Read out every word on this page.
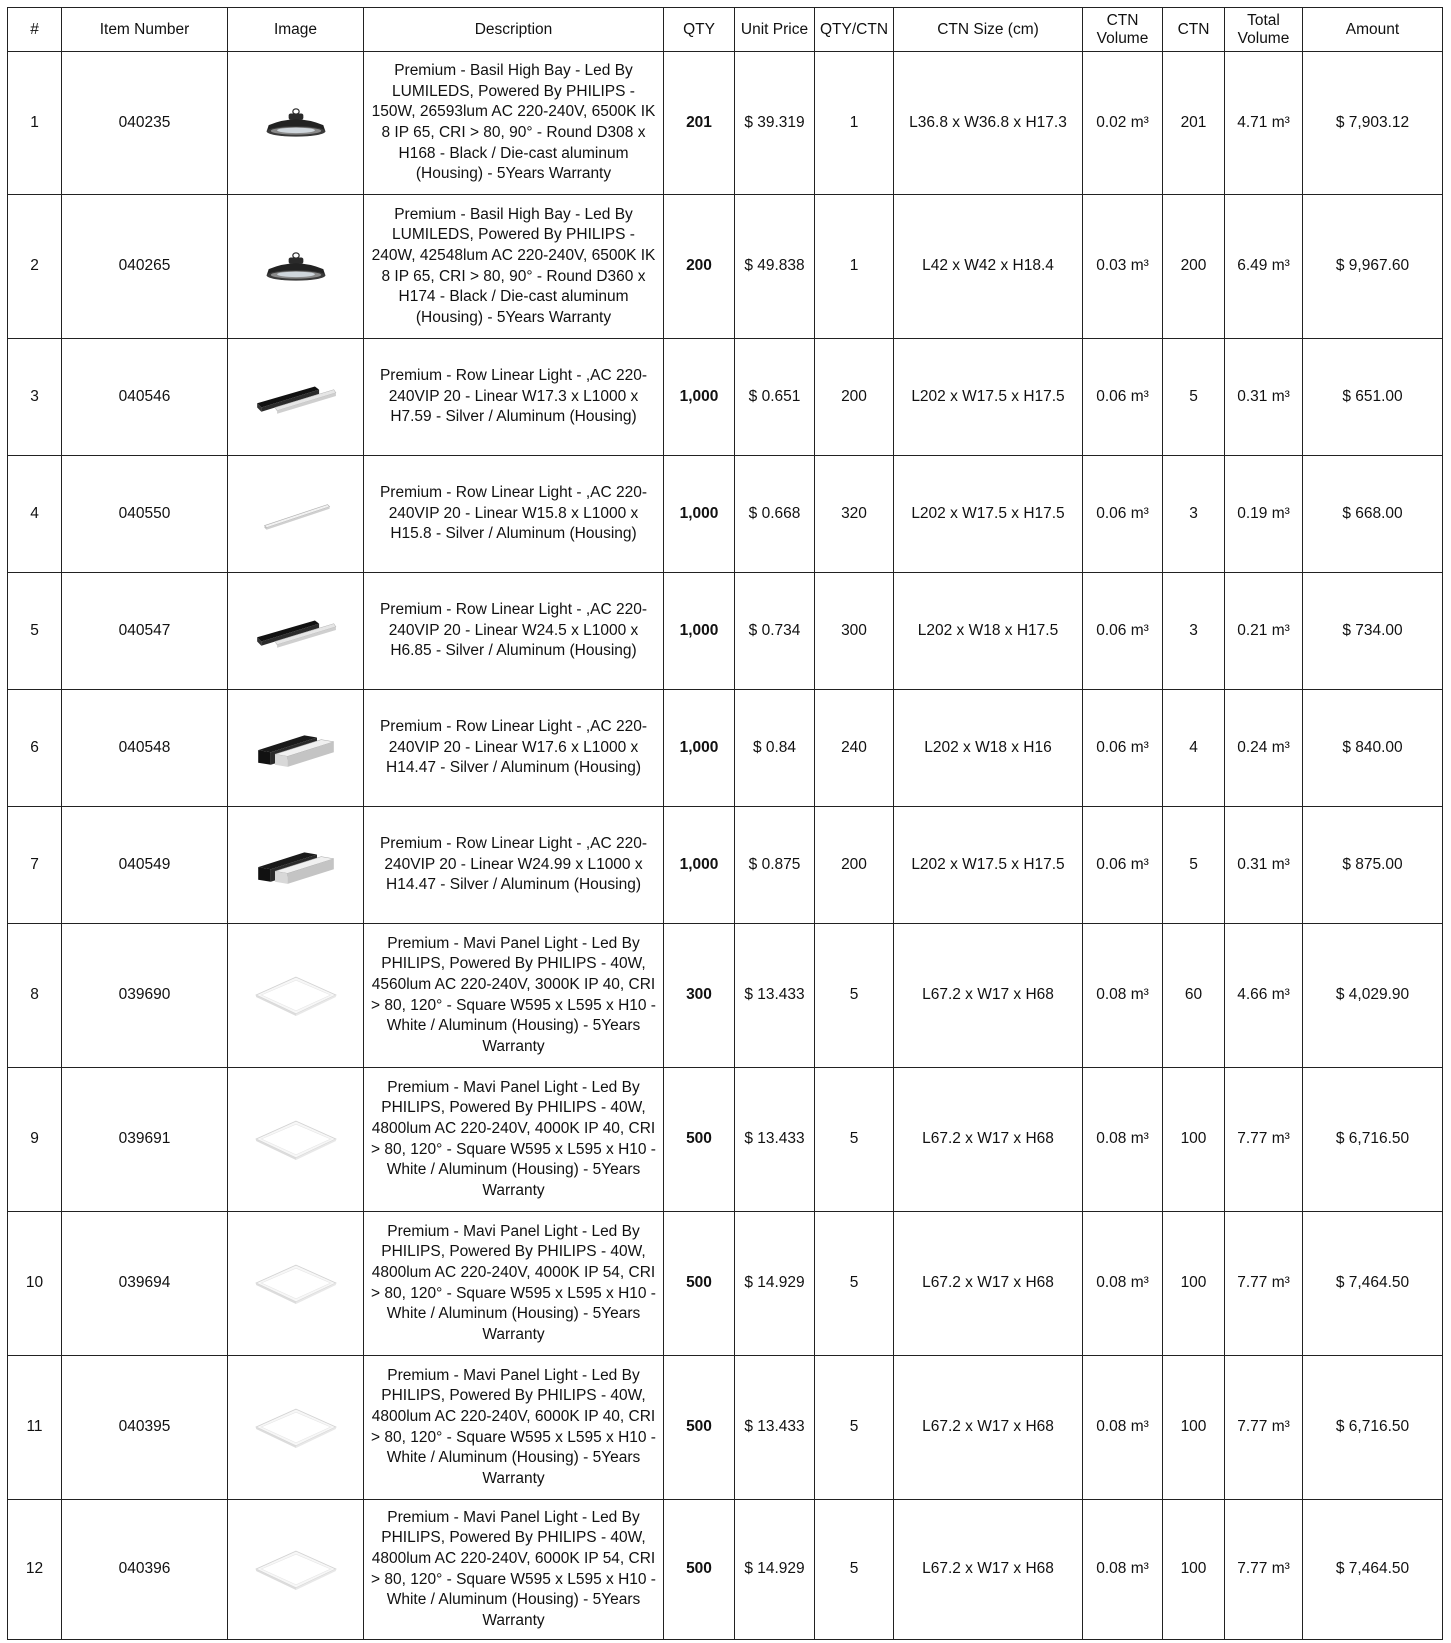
#	Item Number	Image	Description	QTY	Unit Price	QTY/CTN	CTN Size (cm)	CTN Volume	CTN	Total Volume	Amount
1	040235		Premium - Basil High Bay - Led By LUMILEDS, Powered By PHILIPS - 150W, 26593lum AC 220-240V, 6500K IK 8 IP 65, CRI > 80, 90° - Round D308 x H168 - Black / Die-cast aluminum (Housing) - 5Years Warranty	201	$ 39.319	1	L36.8 x W36.8 x H17.3	0.02 m³	201	4.71 m³	$ 7,903.12
2	040265		Premium - Basil High Bay - Led By LUMILEDS, Powered By PHILIPS - 240W, 42548lum AC 220-240V, 6500K IK 8 IP 65, CRI > 80, 90° - Round D360 x H174 - Black / Die-cast aluminum (Housing) - 5Years Warranty	200	$ 49.838	1	L42 x W42 x H18.4	0.03 m³	200	6.49 m³	$ 9,967.60
3	040546		Premium - Row Linear Light - ,AC 220-240VIP 20 - Linear W17.3 x L1000 x H7.59 - Silver / Aluminum (Housing)	1,000	$ 0.651	200	L202 x W17.5 x H17.5	0.06 m³	5	0.31 m³	$ 651.00
4	040550		Premium - Row Linear Light - ,AC 220-240VIP 20 - Linear W15.8 x L1000 x H15.8 - Silver / Aluminum (Housing)	1,000	$ 0.668	320	L202 x W17.5 x H17.5	0.06 m³	3	0.19 m³	$ 668.00
5	040547		Premium - Row Linear Light - ,AC 220-240VIP 20 - Linear W24.5 x L1000 x H6.85 - Silver / Aluminum (Housing)	1,000	$ 0.734	300	L202 x W18 x H17.5	0.06 m³	3	0.21 m³	$ 734.00
6	040548		Premium - Row Linear Light - ,AC 220-240VIP 20 - Linear W17.6 x L1000 x H14.47 - Silver / Aluminum (Housing)	1,000	$ 0.84	240	L202 x W18 x H16	0.06 m³	4	0.24 m³	$ 840.00
7	040549		Premium - Row Linear Light - ,AC 220-240VIP 20 - Linear W24.99 x L1000 x H14.47 - Silver / Aluminum (Housing)	1,000	$ 0.875	200	L202 x W17.5 x H17.5	0.06 m³	5	0.31 m³	$ 875.00
8	039690		Premium - Mavi Panel Light - Led By PHILIPS, Powered By PHILIPS - 40W, 4560lum AC 220-240V, 3000K IP 40, CRI > 80, 120° - Square W595 x L595 x H10 - White / Aluminum (Housing) - 5Years Warranty	300	$ 13.433	5	L67.2 x W17 x H68	0.08 m³	60	4.66 m³	$ 4,029.90
9	039691		Premium - Mavi Panel Light - Led By PHILIPS, Powered By PHILIPS - 40W, 4800lum AC 220-240V, 4000K IP 40, CRI > 80, 120° - Square W595 x L595 x H10 - White / Aluminum (Housing) - 5Years Warranty	500	$ 13.433	5	L67.2 x W17 x H68	0.08 m³	100	7.77 m³	$ 6,716.50
10	039694		Premium - Mavi Panel Light - Led By PHILIPS, Powered By PHILIPS - 40W, 4800lum AC 220-240V, 4000K IP 54, CRI > 80, 120° - Square W595 x L595 x H10 - White / Aluminum (Housing) - 5Years Warranty	500	$ 14.929	5	L67.2 x W17 x H68	0.08 m³	100	7.77 m³	$ 7,464.50
11	040395		Premium - Mavi Panel Light - Led By PHILIPS, Powered By PHILIPS - 40W, 4800lum AC 220-240V, 6000K IP 40, CRI > 80, 120° - Square W595 x L595 x H10 - White / Aluminum (Housing) - 5Years Warranty	500	$ 13.433	5	L67.2 x W17 x H68	0.08 m³	100	7.77 m³	$ 6,716.50
12	040396		Premium - Mavi Panel Light - Led By PHILIPS, Powered By PHILIPS - 40W, 4800lum AC 220-240V, 6000K IP 54, CRI > 80, 120° - Square W595 x L595 x H10 - White / Aluminum (Housing) - 5Years Warranty	500	$ 14.929	5	L67.2 x W17 x H68	0.08 m³	100	7.77 m³	$ 7,464.50
